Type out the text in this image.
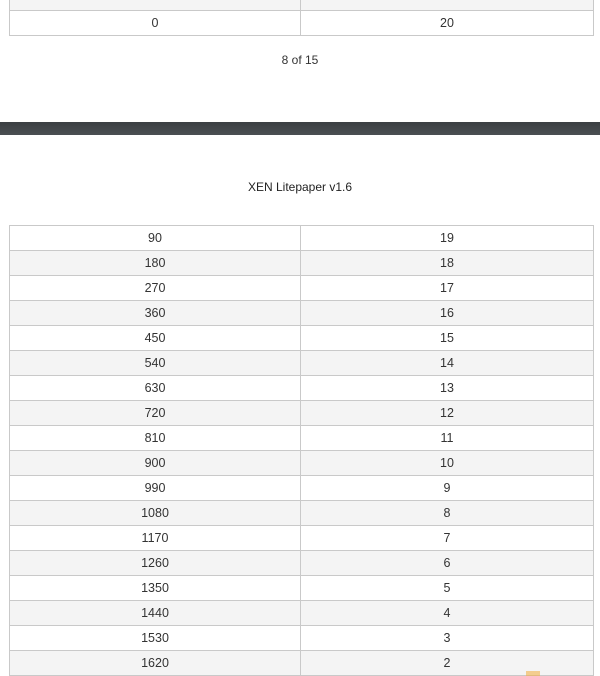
0	20
8 of 15
XEN Litepaper v1.6
90	19
180	18
270	17
360	16
450	15
540	14
630	13
720	12
810	11
900	10
990	9
1080	8
1170	7
1260	6
1350	5
1440	4
1530	3
1620	2
